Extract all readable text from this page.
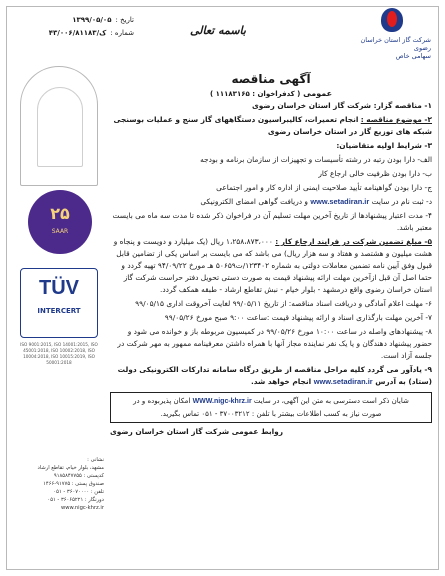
شرکت گاز استان خراسان رضوی
سهامی خاص
باسمه تعالی
تاریخ :۱۳۹۹/۰۵/۰۵
شماره :ک/۴۳/۰۰۶/۸۱۱۸۳
۲۵
SAAR
TÜV
INTERCERT
ISO 9001:2015, ISO 14001:2015, ISO 45001:2018, ISO 10002:2018, ISO 10004:2018, ISO 10015:2019, ISO 50001:2018
نشانی :
مشهد، بلوار خیام، تقاطع ارشاد
کدپستی : ۹۱۸۵۸۴۷۷۵۵
صندوق پستی : ۹۱۷۷۵-۱۴۶۶
تلفن : ۳۶۰۷۰۰۰۰ - ۰۵۱
دورنگار : ۳۶۰۶۵۲۲۱ - ۰۵۱
www.nigc-khrz.ir
آگهی مناقصه
عمومی ( کدفراخوان : ۱۱۱۸۳۱۶۵ )
۱- مناقصه گزار: شرکت گاز استان خراسان رضوی
۲- موضوع مناقصه : انجام تعمیرات، کالیبراسیون دستگاههای گاز سنج و عملیات بوسنجی شبکه های توزیع گاز در استان خراسان رضوی
۳- شرایط اولیه متقاضیان:
الف- دارا بودن رتبه در رشته تأسیسات و تجهیزات از سازمان برنامه و بودجه
ب- دارا بودن ظرفیت خالی ارجاع کار
ج- دارا بودن گواهینامه تأیید صلاحیت ایمنی از اداره کار و امور اجتماعی
د- ثبت نام در سایت www.setadiran.ir و دریافت گواهی امضای الکترونیکی
۴- مدت اعتبار پیشنهادها از تاریخ آخرین مهلت تسلیم آن در فراخوان ذکر شده تا مدت سه ماه می بایست معتبر باشد.
۵- مبلغ تضمین شرکت در فرایند ارجاع کار : ۱،۲۵۸،۸۷۳،۰۰۰ ریال (یک میلیارد و دویست و پنجاه و هشت میلیون و هشتصد و هفتاد و سه هزار ریال) می باشد که می بایست بر اساس یکی از تضامین قابل قبول وفق آیین نامه تضمین معاملات دولتی به شماره ۱۲۳۴۰۲/ت۵۰۶۵۹ هـ مورخ ۹۴/۰۹/۲۲ تهیه گردد و حتما اصل آن قبل ازآخرین مهلت ارائه پیشنهاد قیمت به صورت دستی تحویل دفتر حراست شرکت گاز استان خراسان رضوی واقع درمشهد - بلوار خیام - نبش تقاطع ارشاد - طبقه همکف گردد.
۶- مهلت اعلام آمادگی و دریافت اسناد مناقصه: از تاریخ ۹۹/۰۵/۱۱ لغایت آخروقت اداری ۹۹/۰۵/۱۵
۷- آخرین مهلت بارگذاری اسناد و ارائه پیشنهاد قیمت :ساعت ۹:۰۰ صبح مورخ ۹۹/۰۵/۲۶
۸- پیشنهادهای واصله در ساعت ۱۰:۰۰ مورخ ۹۹/۰۵/۲۶ در کمیسیون مربوطه باز و خوانده می شود و حضور پیشنهاد دهندگان و یا یک نفر نماینده مجاز آنها با همراه داشتن معرفینامه ممهور به مهر شرکت در جلسه آزاد است.
۹- یادآور می گردد کلیه مراحل مناقصه از طریق درگاه سامانه تدارکات الکترونیکی دولت (ستاد) به آدرس www.setadiran.ir انجام خواهد شد.
شایان ذکر است دسترسی به متن این آگهی، در سایت WWW.nigc-khrz.ir امکان پذیربوده و در
صورت نیاز به کسب اطلاعات بیشتر با تلفن : ۳۷۰۰۳۲۱۲ - ۰۵۱ تماس بگیرید.
روابط عمومی شرکت گاز استان خراسان رضوی
